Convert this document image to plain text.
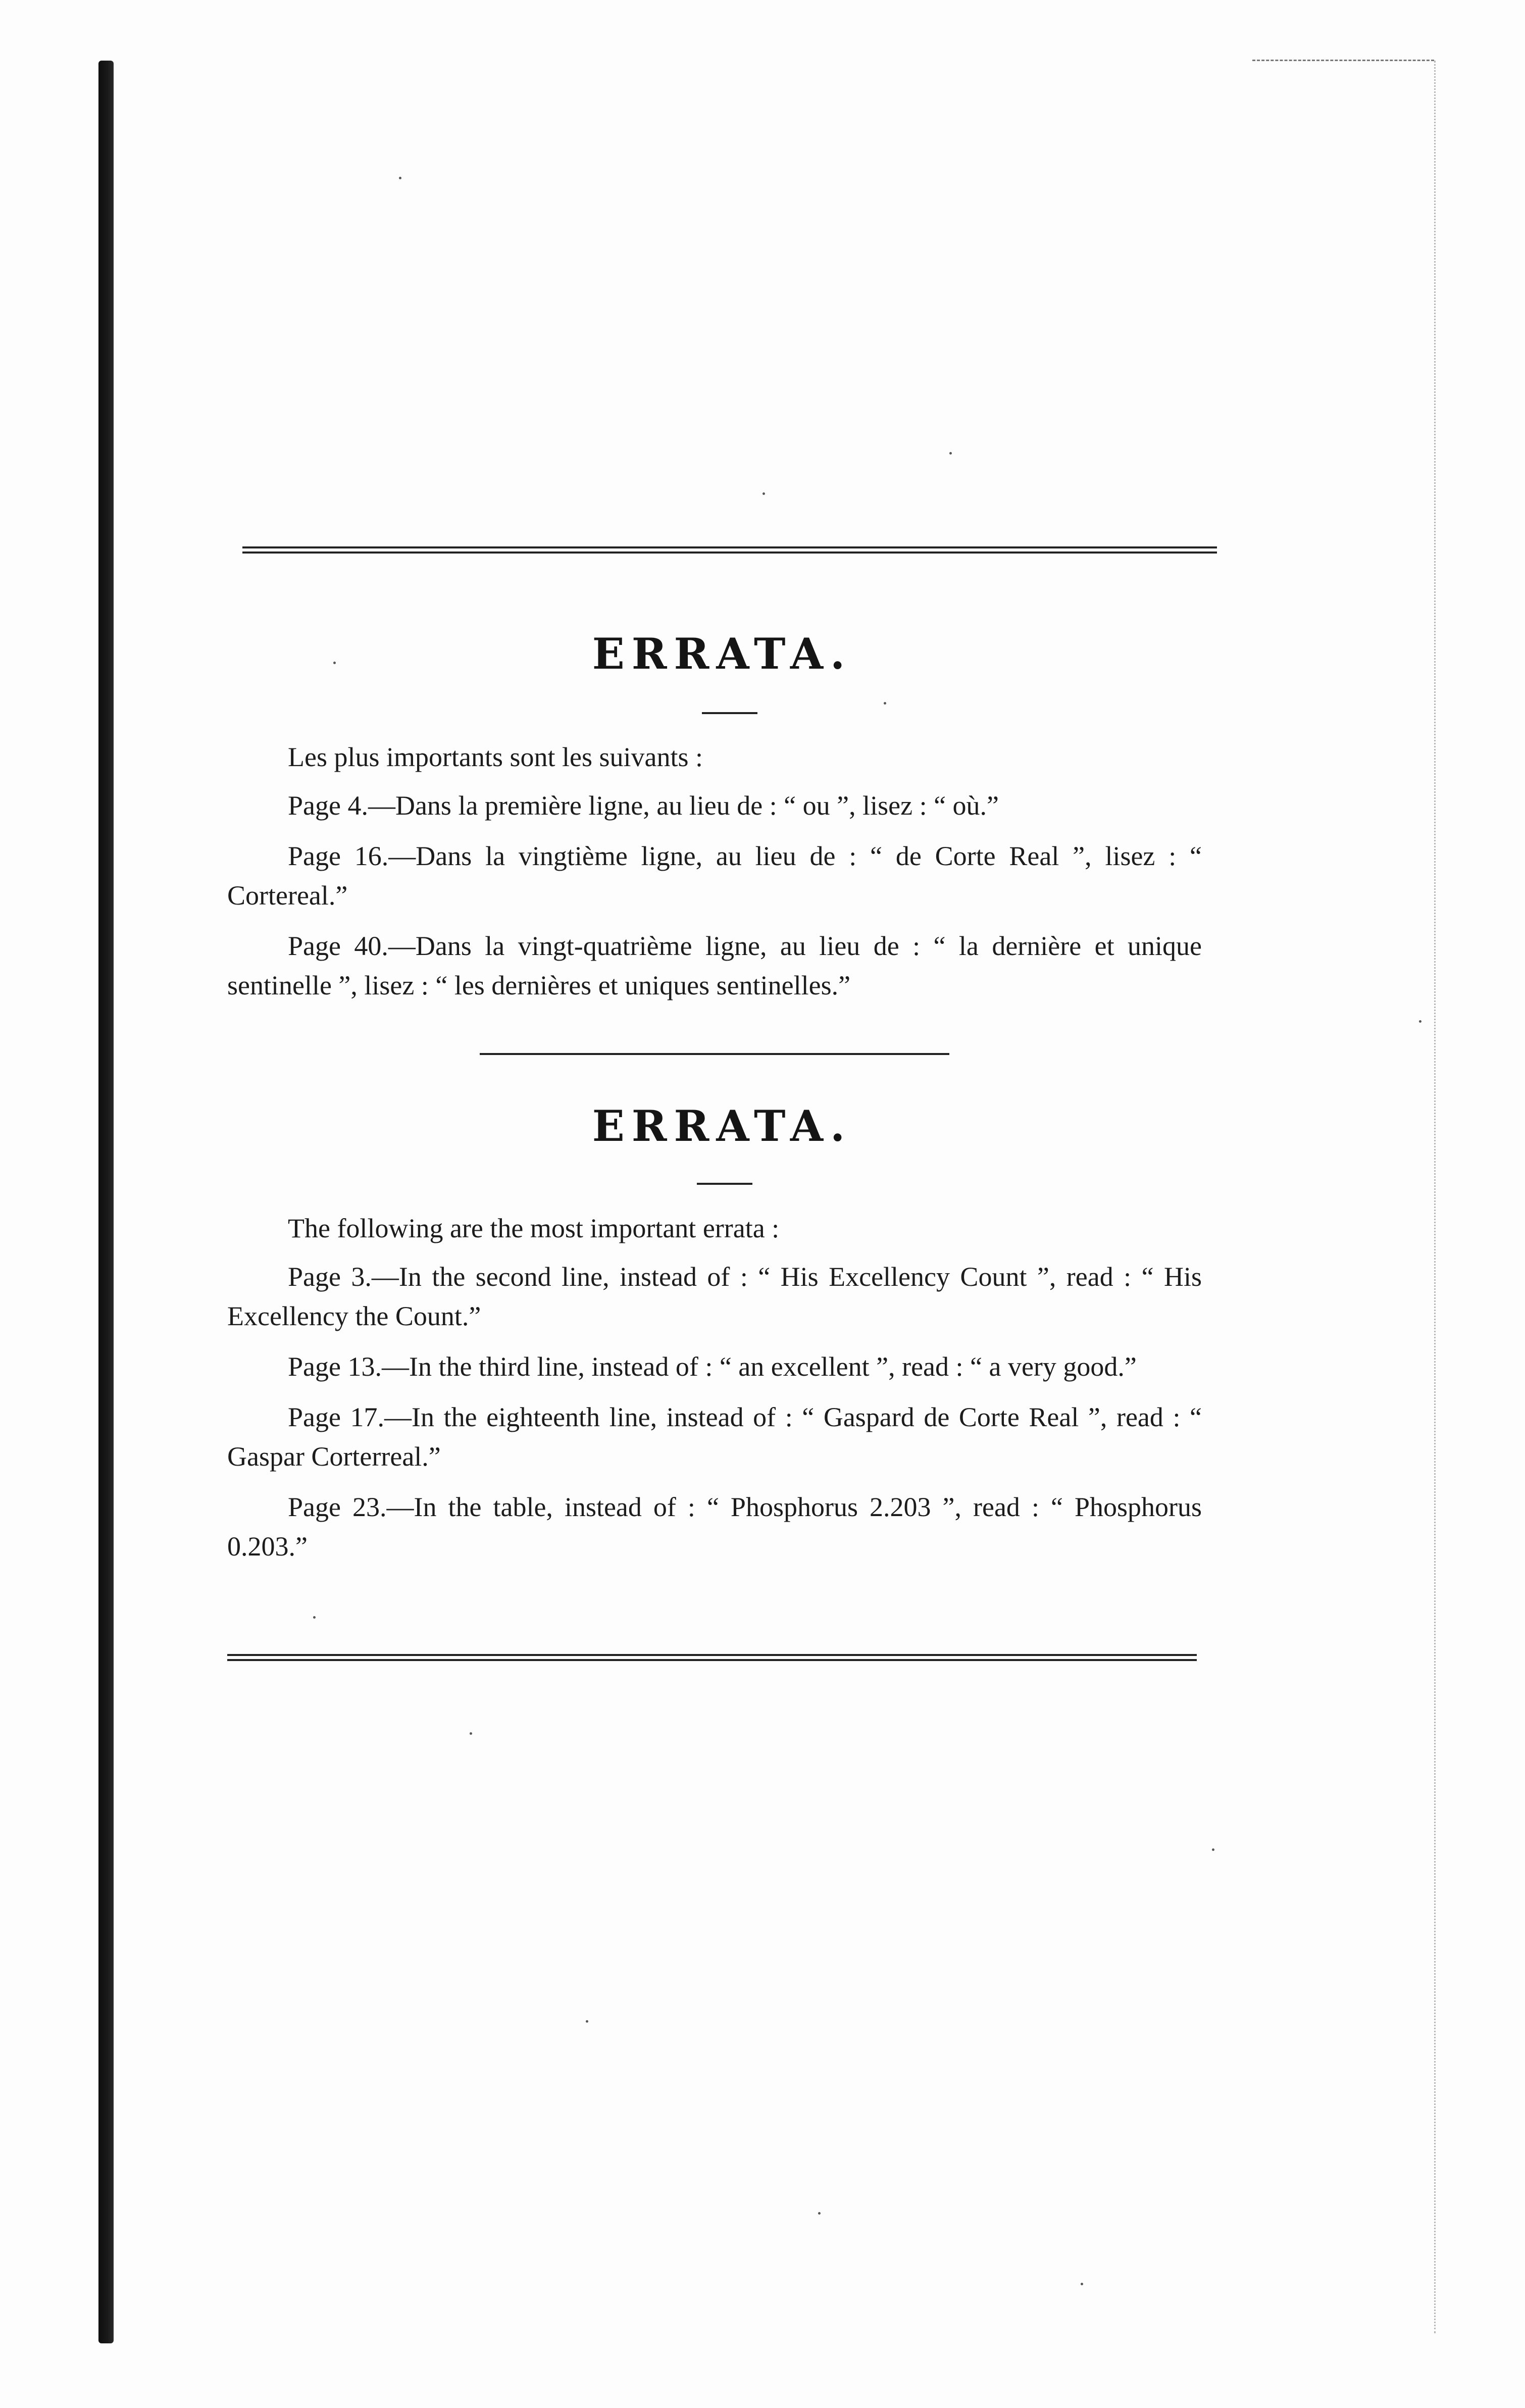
ERRATA.

Les plus importants sont les suivants :

Page 4.—Dans la première ligne, au lieu de : “ ou ”, lisez : “ où.”

Page 16.—Dans la vingtième ligne, au lieu de : “ de Corte Real ”, lisez : “ Cortereal.”

Page 40.—Dans la vingt-quatrième ligne, au lieu de : “ la dernière et unique sentinelle ”, lisez : “ les dernières et uniques sentinelles.”

ERRATA.

The following are the most important errata :

Page 3.—In the second line, instead of : “ His Excellency Count ”, read : “ His Excellency the Count.”

Page 13.—In the third line, instead of : “ an excellent ”, read : “ a very good.”

Page 17.—In the eighteenth line, instead of : “ Gaspard de Corte Real ”, read : “ Gaspar Corterreal.”

Page 23.—In the table, instead of : “ Phosphorus 2.203 ”, read : “ Phosphorus 0.203.”
